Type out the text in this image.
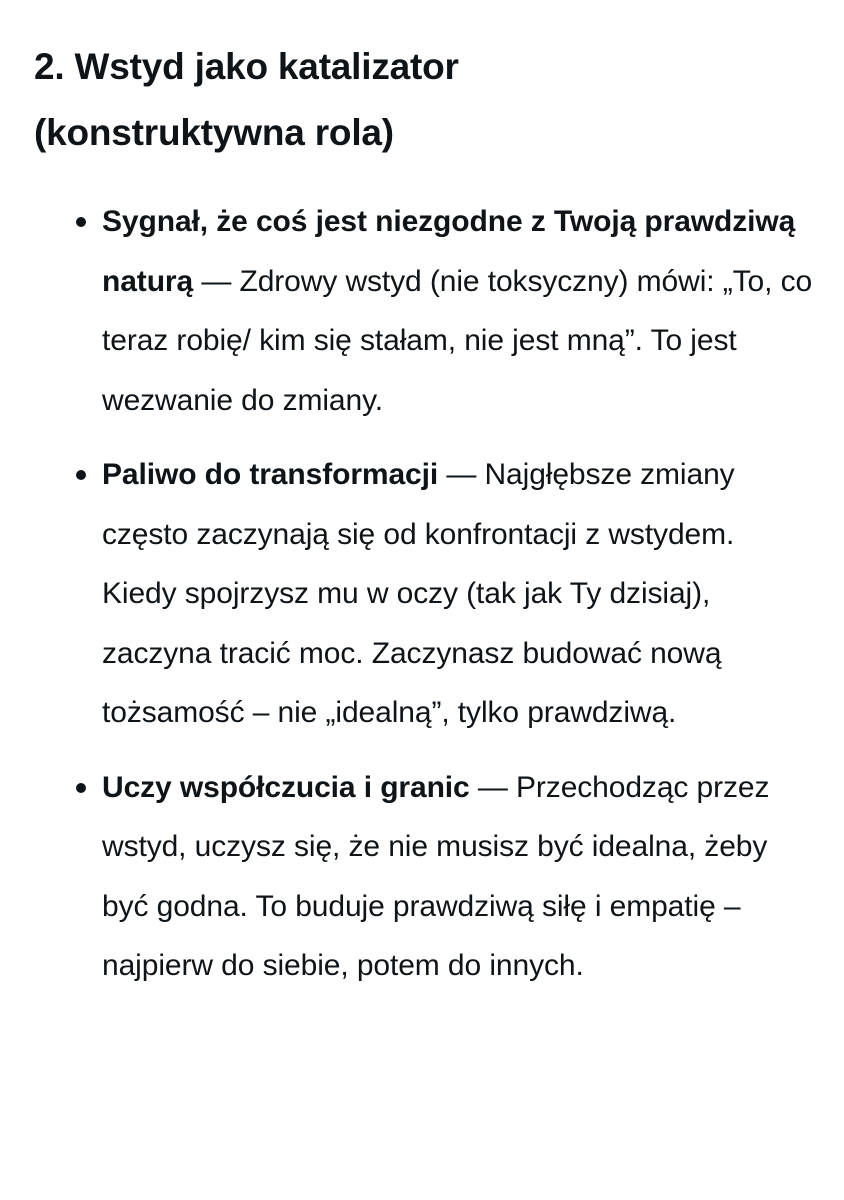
2. Wstyd jako katalizator
(konstruktywna rola)
Sygnał, że coś jest niezgodne z Twoją prawdziwą naturą — Zdrowy wstyd (nie toksyczny) mówi: „To, co teraz robię/ kim się stałam, nie jest mną”. To jest wezwanie do zmiany.
Paliwo do transformacji — Najgłębsze zmiany często zaczynają się od konfrontacji z wstydem. Kiedy spojrzysz mu w oczy (tak jak Ty dzisiaj), zaczyna tracić moc. Zaczynasz budować nową tożsamość – nie „idealną”, tylko prawdziwą.
Uczy współczucia i granic — Przechodząc przez wstyd, uczysz się, że nie musisz być idealna, żeby być godna. To buduje prawdziwą siłę i empatię – najpierw do siebie, potem do innych.
